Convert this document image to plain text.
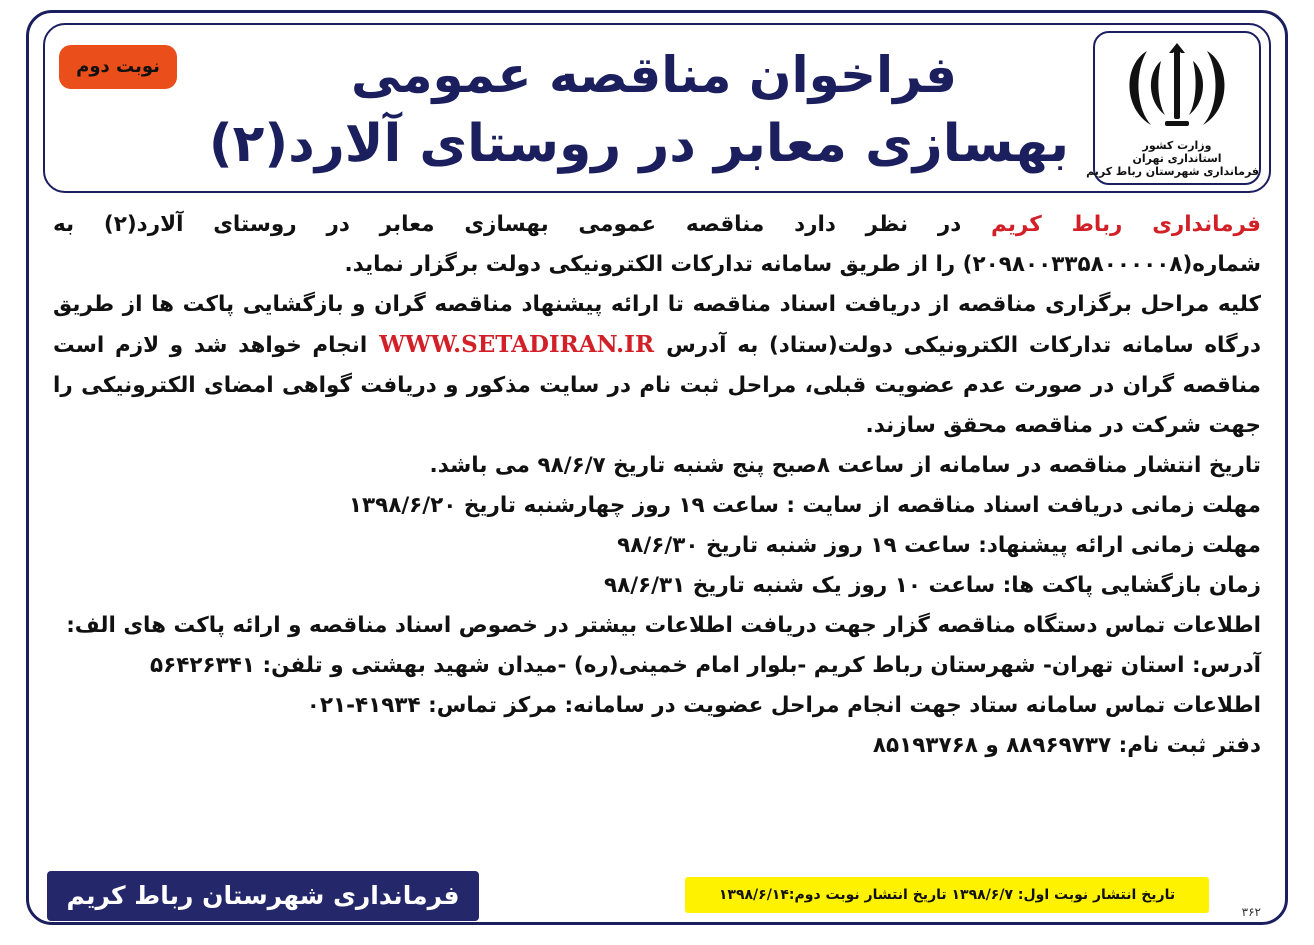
وزارت کشور
استانداری تهران
فرمانداری شهرستان رباط کریم
فراخوان مناقصه عمومی
بهسازی معابر در روستای آلارد(۲)
نوبت دوم

فرمانداری رباط کریم در نظر دارد مناقصه عمومی بهسازی معابر در روستای آلارد(۲) به شماره(۲۰۹۸۰۰۳۳۵۸۰۰۰۰۰۸) را از طریق سامانه تدارکات الکترونیکی دولت برگزار نماید.

کلیه مراحل برگزاری مناقصه از دریافت اسناد مناقصه تا ارائه پیشنهاد مناقصه گران و بازگشایی پاکت ها از طریق درگاه سامانه تدارکات الکترونیکی دولت(ستاد) به آدرسWWW.SETADIRAN.IRانجام خواهد شد و لازم است مناقصه گران در صورت عدم عضویت قبلی، مراحل ثبت نام در سایت مذکور و دریافت گواهی امضای الکترونیکی را جهت شرکت در مناقصه محقق سازند.

تاریخ انتشار مناقصه در سامانه از ساعت ۸صبح پنج شنبه تاریخ ۹۸/۶/۷ می باشد.

مهلت زمانی دریافت اسناد مناقصه از سایت : ساعت ۱۹ روز چهارشنبه تاریخ ۱۳۹۸/۶/۲۰

مهلت زمانی ارائه پیشنهاد: ساعت ۱۹ روز شنبه تاریخ ۹۸/۶/۳۰

زمان بازگشایی پاکت ها: ساعت ۱۰ روز یک شنبه تاریخ ۹۸/۶/۳۱

اطلاعات تماس دستگاه مناقصه گزار جهت دریافت اطلاعات بیشتر در خصوص اسناد مناقصه و ارائه پاکت های الف:

آدرس: استان تهران- شهرستان رباط کریم -بلوار امام خمینی(ره) -میدان شهید بهشتی و تلفن: ۵۶۴۲۶۳۴۱

اطلاعات تماس سامانه ستاد جهت انجام مراحل عضویت در سامانه: مرکز تماس: ۴۱۹۳۴-۰۲۱

دفتر ثبت نام: ۸۸۹۶۹۷۳۷ و ۸۵۱۹۳۷۶۸

فرمانداری شهرستان رباط کریم	تاریخ انتشار نوبت اول: ۱۳۹۸/۶/۷ تاریخ انتشار نوبت دوم:۱۳۹۸/۶/۱۴
۳۶۲
